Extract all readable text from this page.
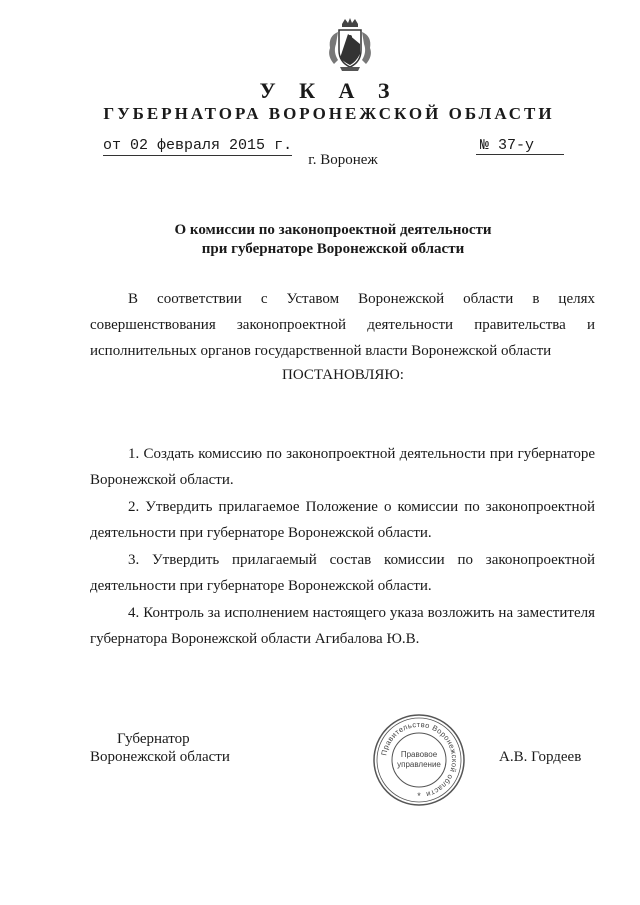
У К А З
ГУБЕРНАТОРА ВОРОНЕЖСКОЙ ОБЛАСТИ
от 02 февраля 2015 г.	№ 37-у
г. Воронеж
О комиссии по законопроектной деятельности
при губернаторе Воронежской области

В соответствии с Уставом Воронежской области в целях совершенствования законопроектной деятельности правительства и исполнительных органов государственной власти Воронежской области

ПОСТАНОВЛЯЮ:

1. Создать комиссию по законопроектной деятельности при губернаторе Воронежской области.

2. Утвердить прилагаемое Положение о комиссии по законопроектной деятельности при губернаторе Воронежской области.

3. Утвердить прилагаемый состав комиссии по законопроектной деятельности при губернаторе Воронежской области.

4. Контроль за исполнением настоящего указа возложить на заместителя губернатора Воронежской области Агибалова Ю.В.

Губернатор
Воронежской области	Правительство Воронежской области
Правовое
управление
*
А.В. Гордеев
